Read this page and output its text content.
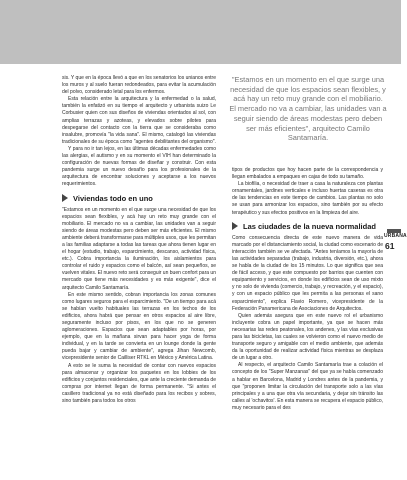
sis. Y que en la época llevó a que en los senatorios los unianos entre los muros y al suelo fueran redondeados, para evitar la acumulación del polvo, considerado letal para los enfermos.

Esta relación entre la arquitectura y la enfermedad o la salud, también la enfatizó en su tiempo el arquitecto y urbanista suizo Le Corbusier quien con sus diseños de viviendas orientados al sol, con amplias terrazas y azoteas, y elevados sobre pilotes para despegarse del contacto con la tierra que se consideraba como insalubre, promovía "la vida sana". El mismo, catalogó las viviendas tradicionales de su época como "agentes debilitantes del organismo".

Y para no ir tan lejos, en las últimas décadas enfermedades como las alergias, el autismo y en su momento el VIH han determinado la configuración de nuevas formas de diseñar y construir. Con esta pandemia surge un nuevo desafío para los profesionales de la arquitectura de encontrar soluciones y aceptarse a los nuevos requerimientos.

Viviendas todo en uno

"Estamos en un momento en el que surge una necesidad de que los espacios sean flexibles, y acá hay un reto muy grande con el mobiliario. El mercado no va a cambiar, las unidades van a seguir siendo de áreas modestas pero deben ser más eficientes. El mismo ambiente deberá transformarse para múltiples usos, que les permitan a las familias adaptarse a todas las tareas que ahora tienen lugar en el hogar (estudio, trabajo, esparcimiento, descanso, actividad física, etc.). Cobra importancia la iluminación, los aislamientos para controlar el ruido y espacios como el balcón, así sean pequeños, se vuelven vitales. El nuevo reto será conseguir un buen confort para un mercado que tiene más necesidades y es más exigente", dice el arquitecto Camilo Santamaría.

En este mismo sentido, cobran importancia los zonas comunes como lugares seguros para el esparcimiento. "De un tiempo para acá se habían vuelto habituales las terrazas en los techos de los edificios, ahora habrá que pensar en otros espacios al aire libre, seguramente incluso por pisos, en los que no se generen aglomeraciones. Espacios que sean adaptables por horas, por ejemplo, que en la mañana sirvan para hacer yoga de forma individual, y en la tarde se convierta en un lounge donde la gente pueda bajar y cambiar de ambiente", agrega Jihan Newcomb, vicepresidente senior de Cailliser RTKL en México y América Latina.

A esto se le suma la necesidad de contar con nuevos espacios para almacenar y organizar los paquetes en los lobbies de los edificios y conjuntos residenciales, que ante la creciente demanda de compras por internet llegan de forma permanente. "Si antes el casillero tradicional ya no está diseñado para los recibos y sobres, sino también para todos los otros

"Estamos en un momento en el que surge una necesidad de que los espacios sean flexibles, y acá hay un reto muy grande con el mobiliario. El mercado no va a cambiar, las unidades van a seguir siendo de áreas modestas pero deben ser más eficientes", arquitecto Camilo Santamaría.

tipos de productos que hoy hacen parte de la correspondencia y llegan embalados a empaques en cajas de todo su tamaño.

La biofilia, o necesidad de traer a casa la naturaleza con plantas ornamentales, jardines verticales e incluso huertas caseras es otra de las tendencias en este tiempo de cambios. Las plantas no solo se usan para armonizar los espacios, sino también por su efecto terapéutico y sus efectos positivos en la limpieza del aire.

Las ciudades de la nueva normalidad

Como consecuencia directa de este nuevo manera de vida marcado por el distanciamiento social, la ciudad como escenario de interacción también se ve afectada. "Antes teníamos la mayoría de las actividades separadas (trabajo, industria, diversión, etc.), ahora se habla de la ciudad de los 15 minutos. Lo que significa que sea de fácil acceso, y que este compuesto por barrios que cuenten con equipamiento y servicios, en donde los edificios sean de uso mixto y no solo de vivienda (comercio, trabajo, y recreación, y el espacio), y con un espacio público que les permita a las personas el sano esparcimiento", explica Flavio Romero, vicepresidente de la Federación Panamericana de Asociaciones de Arquitectos.

Quien además asegura que en este nuevo rol el urbanismo incluyente cobra un papel importante, ya que se hacen más necesarias las redes peatonales, los andenes, y las vías exclusivas para las bicicletas, las cuales se volvieron como el nuevo medio de transporte seguro y amigable con el medio ambiente, que además da la oportunidad de realizar actividad física mientras se desplaza de un lugar a otro.

Al respecto, el arquitecto Camilo Santamaría trae a colación el concepto de los "Super Manzanas" del que ya se había comenzado a hablar en Barcelona, Madrid y Londres antes de la pandemia, y que "proponen limitar la circulación del transporte solo a las vías principales y a una que otra vía secundaria, y dejar sin tránsito las calles al 'ochavitos'. En esta manera se recupera el espacio público, muy necesario para el des

URBANA
61
